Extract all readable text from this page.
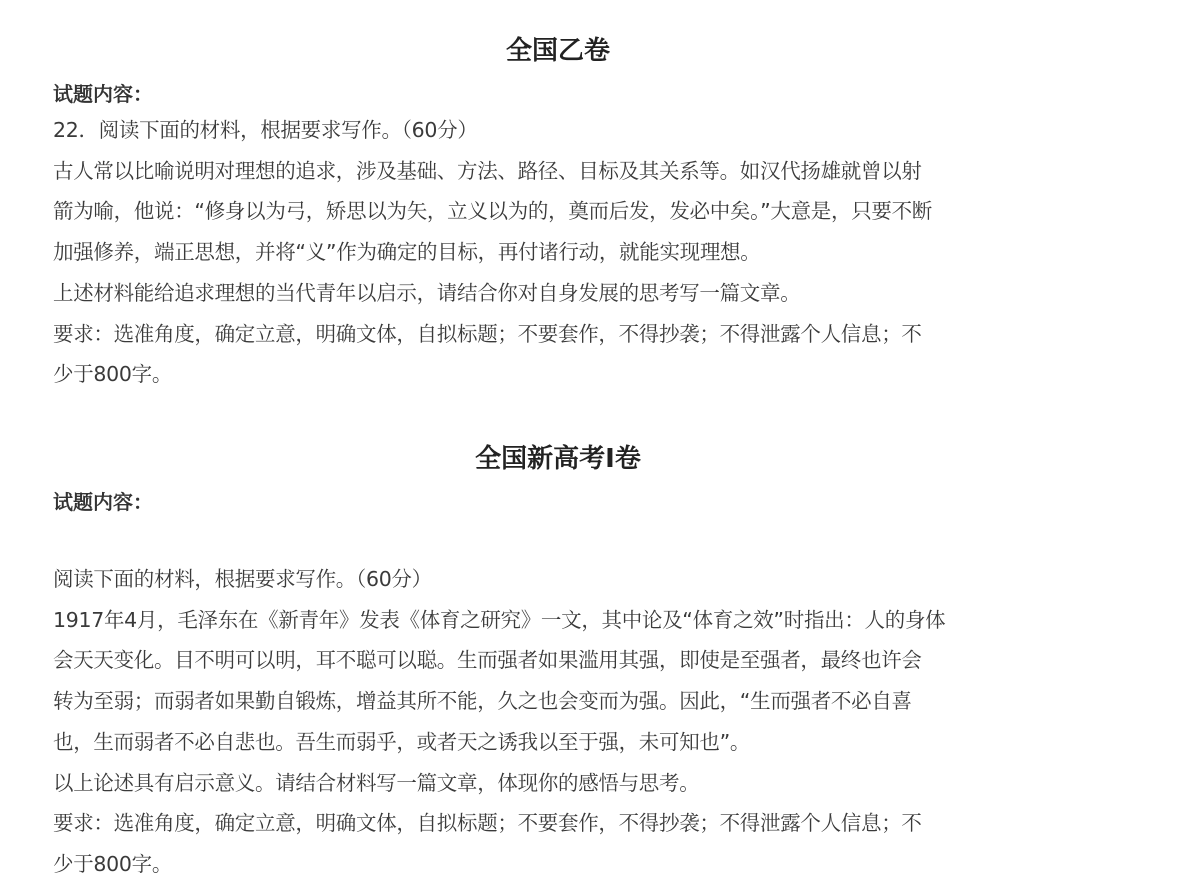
全国乙卷
试题内容：
22．阅读下面的材料，根据要求写作。（60分）
古人常以比喻说明对理想的追求，涉及基础、方法、路径、目标及其关系等。如汉代扬雄就曾以射
箭为喻，他说：“修身以为弓，矫思以为矢，立义以为的，奠而后发，发必中矣。”大意是，只要不断
加强修养，端正思想，并将“义”作为确定的目标，再付诸行动，就能实现理想。
上述材料能给追求理想的当代青年以启示，请结合你对自身发展的思考写一篇文章。
要求：选准角度，确定立意，明确文体，自拟标题；不要套作，不得抄袭；不得泄露个人信息；不
少于800字。
全国新高考Ⅰ卷
试题内容：
阅读下面的材料，根据要求写作。（60分）
1917年4月，毛泽东在《新青年》发表《体育之研究》一文，其中论及“体育之效”时指出：人的身体
会天天变化。目不明可以明，耳不聪可以聪。生而强者如果滥用其强，即使是至强者，最终也许会
转为至弱；而弱者如果勤自锻炼，增益其所不能，久之也会变而为强。因此，“生而强者不必自喜
也，生而弱者不必自悲也。吾生而弱乎，或者天之诱我以至于强，未可知也”。
以上论述具有启示意义。请结合材料写一篇文章，体现你的感悟与思考。
要求：选准角度，确定立意，明确文体，自拟标题；不要套作，不得抄袭；不得泄露个人信息；不
少于800字。
